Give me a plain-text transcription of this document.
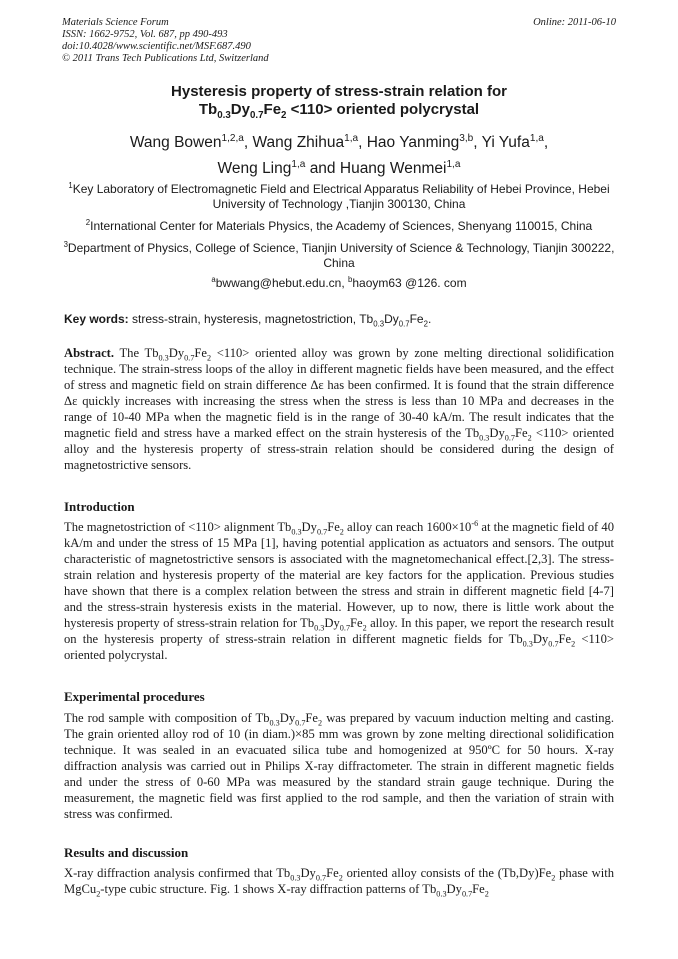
Materials Science Forum
ISSN: 1662-9752, Vol. 687, pp 490-493
doi:10.4028/www.scientific.net/MSF.687.490
© 2011 Trans Tech Publications Ltd, Switzerland
Online: 2011-06-10
Hysteresis property of stress-strain relation for
$Tb_{0.3}Dy_{0.7}Fe_2 <110>$ oriented polycrystal
Wang Bowen$^{1,2,a}$, Wang Zhihua$^{1,a}$, Hao Yanming$^{3,b}$, Yi Yufa$^{1,a}$,
Weng Ling$^{1,a}$ and Huang Wenmei$^{1,a}$
$^1$Key Laboratory of Electromagnetic Field and Electrical Apparatus Reliability of Hebei Province, Hebei University of Technology ,Tianjin 300130, China
$^2$International Center for Materials Physics, the Academy of Sciences, Shenyang 110015, China
$^3$Department of Physics, College of Science, Tianjin University of Science & Technology, Tianjin 300222, China
$^a$bwwang@hebut.edu.cn, $^b$haoym63 @126. com
Key words: stress-strain, hysteresis, magnetostriction, $Tb_{0.3}Dy_{0.7}Fe_2$.

Abstract. The $Tb_{0.3}Dy_{0.7}Fe_2 <110>$ oriented alloy was grown by zone melting directional solidification technique. The strain-stress loops of the alloy in different magnetic fields have been measured, and the effect of stress and magnetic field on strain difference Δε has been confirmed. It is found that the strain difference Δε quickly increases with increasing the stress when the stress is less than 10 MPa and decreases in the range of 10-40 MPa when the magnetic field is in the range of 30-40 kA/m. The result indicates that the magnetic field and stress have a marked effect on the strain hysteresis of the $Tb_{0.3}Dy_{0.7}Fe_2 <110>$ oriented alloy and the hysteresis property of stress-strain relation should be considered during the design of magnetostrictive sensors.

Introduction

The magnetostriction of <110> alignment $Tb_{0.3}Dy_{0.7}Fe_2$ alloy can reach $1600\times 10^{-6}$ at the magnetic field of 40 kA/m and under the stress of 15 MPa [1], having potential application as actuators and sensors. The output characteristic of magnetostrictive sensors is associated with the magnetomechanical effect.[2,3]. The stress-strain relation and hysteresis property of the material are key factors for the application. Previous studies have shown that there is a complex relation between the stress and strain in different magnetic field [4-7] and the stress-strain hysteresis exists in the material. However, up to now, there is little work about the hysteresis property of stress-strain relation for $Tb_{0.3}Dy_{0.7}Fe_2$ alloy. In this paper, we report the research result on the hysteresis property of stress-strain relation in different magnetic fields for $Tb_{0.3}Dy_{0.7}Fe_2 <110>$ oriented polycrystal.

Experimental procedures

The rod sample with composition of $Tb_{0.3}Dy_{0.7}Fe_2$ was prepared by vacuum induction melting and casting. The grain oriented alloy rod of 10 (in diam.)×85 mm was grown by zone melting directional solidification technique. It was sealed in an evacuated silica tube and homogenized at 950ºC for 50 hours. X-ray diffraction analysis was carried out in Philips X-ray diffractometer. The strain in different magnetic fields and under the stress of 0-60 MPa was measured by the standard strain gauge technique. During the measurement, the magnetic field was first applied to the rod sample, and then the variation of strain with stress was confirmed.

Results and discussion

X-ray diffraction analysis confirmed that $Tb_{0.3}Dy_{0.7}Fe_2$ oriented alloy consists of the $(Tb,Dy)Fe_2$ phase with MgCu$_2$-type cubic structure. Fig. 1 shows X-ray diffraction patterns of $Tb_{0.3}Dy_{0.7}Fe_2$
